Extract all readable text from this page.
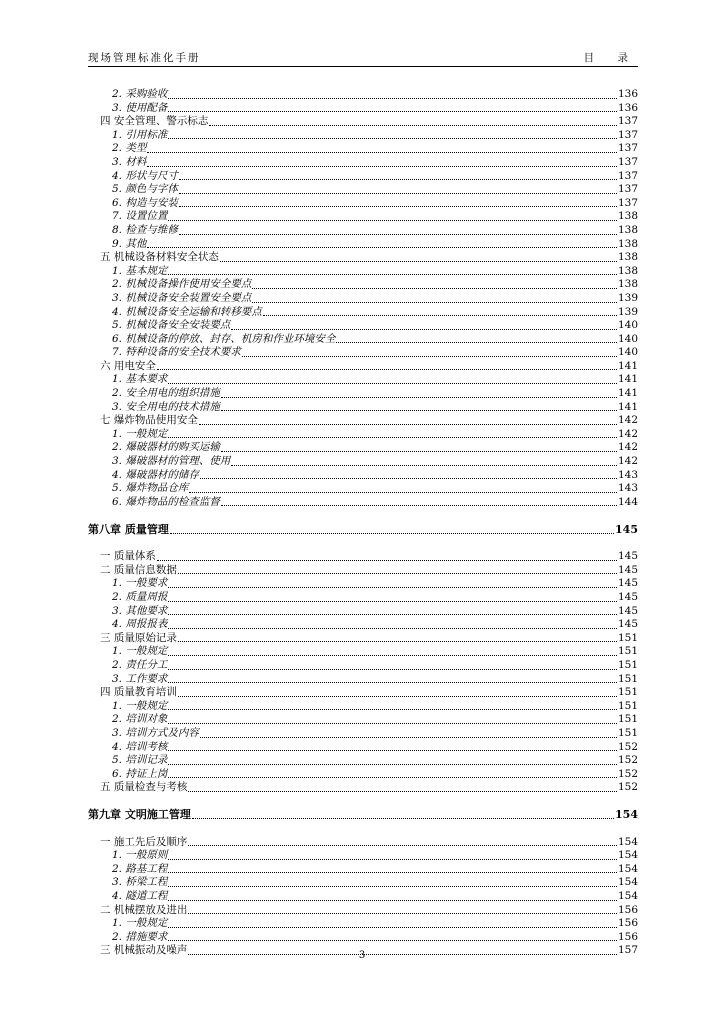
现场管理标准化手册	目 录
2. 采购验收	136
3. 使用配备	136
四 安全管理、警示标志	137
1. 引用标准	137
2. 类型	137
3. 材料	137
4. 形状与尺寸	137
5. 颜色与字体	137
6. 构造与安装	137
7. 设置位置	138
8. 检查与维修	138
9. 其他	138
五 机械设备材料安全状态	138
1. 基本规定	138
2. 机械设备操作使用安全要点	138
3. 机械设备安全装置安全要点	139
4. 机械设备安全运输和转移要点	139
5. 机械设备安全安装要点	140
6. 机械设备的停放、封存、机房和作业环境安全	140
7. 特种设备的安全技术要求	140
六 用电安全	141
1. 基本要求	141
2. 安全用电的组织措施	141
3. 安全用电的技术措施	141
七 爆炸物品使用安全	142
1. 一般规定	142
2. 爆破器材的购买运输	142
3. 爆破器材的管理、使用	142
4. 爆破器材的储存	143
5. 爆炸物品仓库	143
6. 爆炸物品的检查监督	144
第八章 质量管理	145
一 质量体系	145
二 质量信息数据	145
1. 一般要求	145
2. 质量周报	145
3. 其他要求	145
4. 周报报表	145
三 质量原始记录	151
1. 一般规定	151
2. 责任分工	151
3. 工作要求	151
四 质量教育培训	151
1. 一般规定	151
2. 培训对象	151
3. 培训方式及内容	151
4. 培训考核	152
5. 培训记录	152
6. 持证上岗	152
五 质量检查与考核	152
第九章 文明施工管理	154
一 施工先后及顺序	154
1. 一般原则	154
2. 路基工程	154
3. 桥梁工程	154
4. 隧道工程	154
二 机械摆放及进出	156
1. 一般规定	156
2. 措施要求	156
三 机械振动及噪声	157
3
